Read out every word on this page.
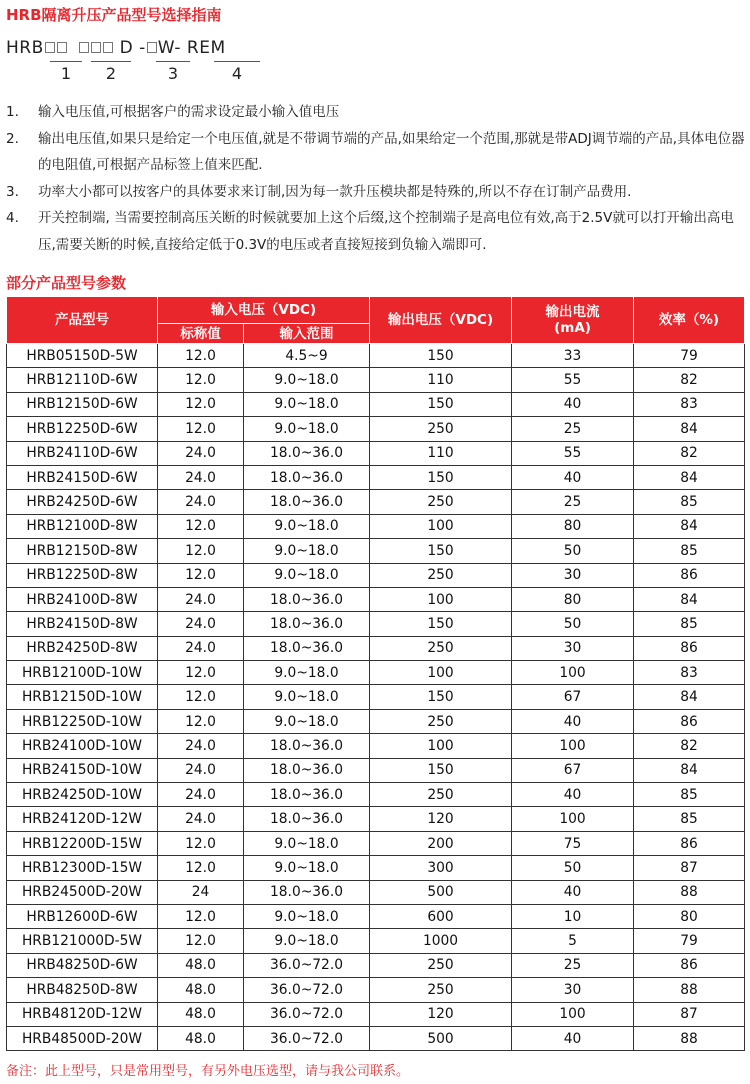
HRB隔离升压产品型号选择指南
HRB	D - W- REM
1	2	3	4
1.	输入电压值,可根据客户的需求设定最小输入值电压
2.	输出电压值,如果只是给定一个电压值,就是不带调节端的产品,如果给定一个范围,那就是带ADJ调节端的产品,具体电位器的电阻值,可根据产品标签上值来匹配.
3.	功率大小都可以按客户的具体要求来订制,因为每一款升压模块都是特殊的,所以不存在订制产品费用.
4.	开关控制端, 当需要控制高压关断的时候就要加上这个后缀,这个控制端子是高电位有效,高于2.5V就可以打开输出高电压,需要关断的时候,直接给定低于0.3V的电压或者直接短接到负输入端即可.
部分产品型号参数
产品型号	输入电压（VDC)		输出电压（VDC)	输出电流
(mA)	效率（%)
	标称值	输入范围			
HRB05150D-5W	12.0	4.5~9	150	33	79
HRB12110D-6W	12.0	9.0~18.0	110	55	82
HRB12150D-6W	12.0	9.0~18.0	150	40	83
HRB12250D-6W	12.0	9.0~18.0	250	25	84
HRB24110D-6W	24.0	18.0~36.0	110	55	82
HRB24150D-6W	24.0	18.0~36.0	150	40	84
HRB24250D-6W	24.0	18.0~36.0	250	25	85
HRB12100D-8W	12.0	9.0~18.0	100	80	84
HRB12150D-8W	12.0	9.0~18.0	150	50	85
HRB12250D-8W	12.0	9.0~18.0	250	30	86
HRB24100D-8W	24.0	18.0~36.0	100	80	84
HRB24150D-8W	24.0	18.0~36.0	150	50	85
HRB24250D-8W	24.0	18.0~36.0	250	30	86
HRB12100D-10W	12.0	9.0~18.0	100	100	83
HRB12150D-10W	12.0	9.0~18.0	150	67	84
HRB12250D-10W	12.0	9.0~18.0	250	40	86
HRB24100D-10W	24.0	18.0~36.0	100	100	82
HRB24150D-10W	24.0	18.0~36.0	150	67	84
HRB24250D-10W	24.0	18.0~36.0	250	40	85
HRB24120D-12W	24.0	18.0~36.0	120	100	85
HRB12200D-15W	12.0	9.0~18.0	200	75	86
HRB12300D-15W	12.0	9.0~18.0	300	50	87
HRB24500D-20W	24	18.0~36.0	500	40	88
HRB12600D-6W	12.0	9.0~18.0	600	10	80
HRB121000D-5W	12.0	9.0~18.0	1000	5	79
HRB48250D-6W	48.0	36.0~72.0	250	25	86
HRB48250D-8W	48.0	36.0~72.0	250	30	88
HRB48120D-12W	48.0	36.0~72.0	120	100	87
HRB48500D-20W	48.0	36.0~72.0	500	40	88
备注：此上型号，只是常用型号，有另外电压选型，请与我公司联系。
